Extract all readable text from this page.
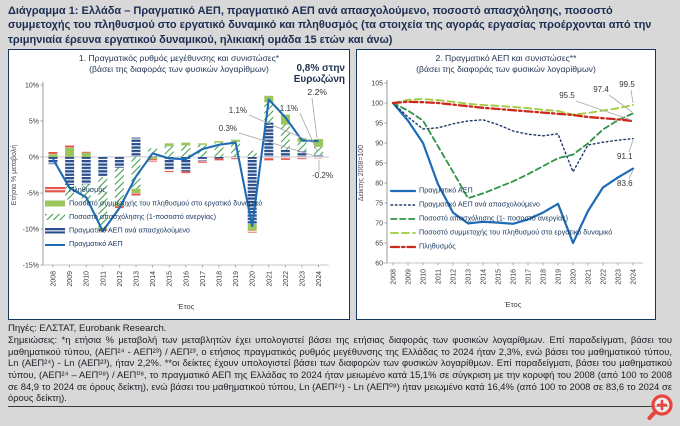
Διάγραμμα 1: Ελλάδα – Πραγματικό ΑΕΠ, πραγματικό ΑΕΠ ανά απασχολούμενο, ποσοστό απασχόλησης, ποσοστό συμμετοχής του πληθυσμού στο εργατικό δυναμικό και πληθυσμός (τα στοιχεία της αγοράς εργασίας προέρχονται από την τριμηνιαία έρευνα εργατικού δυναμικού, ηλικιακή ομάδα 15 ετών και άνω)
1. Πραγματικός ρυθμός μεγέθυνσης και συνιστώσες*
(βάσει της διαφοράς των φυσικών λογαρίθμων)	0,8% στην
Ευρωζώνη
10%
5%
0%
-5%
-10%
-15%
Ετήσια % μεταβολή	Πληθυσμός
Ποσοστό συμμετοχής του πληθυσμού στο εργατικό δυναμικό
Ποσοστό απασχόλησης (1-ποσοστό ανεργίας)
Πραγματικό ΑΕΠ ανά απασχολούμενο
Πραγματικό ΑΕΠ
2008 2009 2010 2011 2012 2013 2014 2015 2016 2017 2018 2019 2020 2021 2022 2023 2024
Έτος
2.2%
1.1%
0.3%
1.1%
-0.2%
2. Πραγματικό ΑΕΠ και συνιστώσες**
(βάσει της διαφοράς των φυσικών λογαρίθμων)
105
100
95
90
85
80
75
70
65
60
Δείκτης 2008=100	Πραγματικό ΑΕΠ
Πραγματικό ΑΕΠ ανά απασχολούμενο
Ποσοστό απασχόλησης (1- ποσοστό ανεργίας)
Ποσοστό συμμετοχής του πληθυσμού στο εργατικό δυναμικό
Πληθυσμός
2008 2009 2010 2011 2012 2013 2014 2015 2016 2017 2018 2019 2020 2021 2022 2023 2024
Έτος
99.5
97.4
95.5
91.1
83.6
Πηγές: ΕΛΣΤΑΤ, Eurobank Research.
Σημειώσεις: *η ετήσια % μεταβολή των μεταβλητών έχει υπολογιστεί βάσει της ετήσιας διαφοράς των φυσικών λογαρίθμων. Επί παραδείγματι, βάσει του μαθηματικού τύπου, (ΑΕΠ²⁴ - ΑΕΠ²³) / ΑΕΠ²³, ο ετήσιος πραγματικός ρυθμός μεγέθυνσης της Ελλάδας το 2024 ήταν 2,3%, ενώ βάσει του μαθηματικού τύπου, Ln (ΑΕΠ²⁴) - Ln (ΑΕΠ²³), ήταν 2,2%. **οι δείκτες έχουν υπολογιστεί βάσει των διαφορών των φυσικών λογαρίθμων. Επί παραδείγματι, βάσει του μαθηματικού τύπου, (ΑΕΠ²⁴ – ΑΕΠ⁰⁸) / ΑΕΠ⁰⁸, το πραγματικό ΑΕΠ της Ελλάδας το 2024 ήταν μειωμένο κατά 15,1% σε σύγκριση με την κορυφή του 2008 (από 100 το 2008 σε 84,9 το 2024 σε όρους δείκτη), ενώ βάσει του μαθηματικού τύπου, Ln (ΑΕΠ²⁴) - Ln (ΑΕΠ⁰⁸) ήταν μειωμένο κατά 16,4% (από 100 το 2008 σε 83,6 το 2024 σε όρους δείκτη).
